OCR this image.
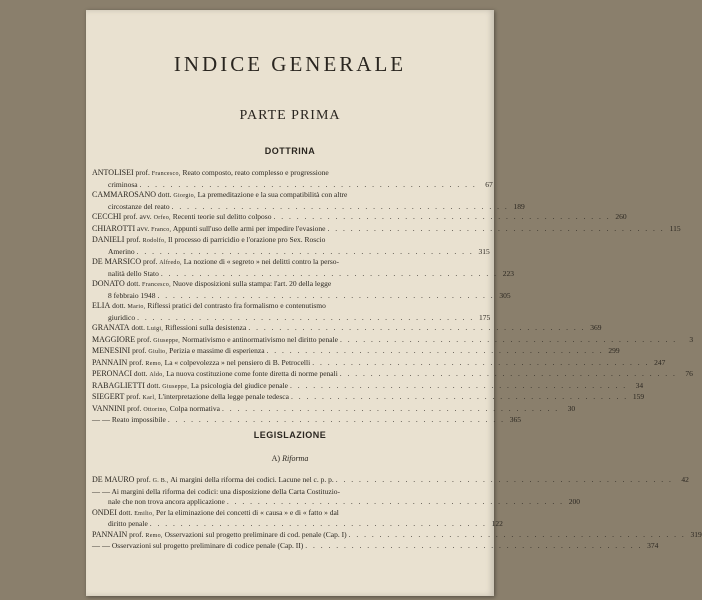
INDICE GENERALE
PARTE PRIMA
DOTTRINA
ANTOLISEI prof. Francesco, Reato composto, reato complesso e progressione
criminosa . . . . . . . . . . . . . . . . . . . . . . . . . . . . . . . . . . . . . . . . . . . .	67
CAMMAROSANO dott. Giorgio, La premeditazione e la sua compatibilità con altre
circostanze del reato . . . . . . . . . . . . . . . . . . . . . . . . . . . . . . . . . . . . . . . . . . . . 189
CECCHI prof. avv. Orfeo, Recenti teorie sul delitto colposo . . . . . . . . . . . . . . . . . . . . . . . . . . . . . . . . . . . . . . . . . . . . 260
CHIAROTTI avv. Franco, Appunti sull'uso delle armi per impedire l'evasione . . . . . . . . . . . . . . . . . . . . . . . . . . . . . . . . . . . . . . . . . . . . 115
DANIELI prof. Rodolfo, Il processo di parricidio e l'orazione pro Sex. Roscio
Amerino . . . . . . . . . . . . . . . . . . . . . . . . . . . . . . . . . . . . . . . . . . . . 315
DE MARSICO prof. Alfredo, La nozione di « segreto » nei delitti contro la perso-
nalità dello Stato . . . . . . . . . . . . . . . . . . . . . . . . . . . . . . . . . . . . . . . . . . . . 223
DONATO dott. Francesco, Nuove disposizioni sulla stampa: l'art. 20 della legge
8 febbraio 1948 . . . . . . . . . . . . . . . . . . . . . . . . . . . . . . . . . . . . . . . . . . . . 305
ELIA dott. Mario, Riflessi pratici del contrasto fra formalismo e contenutismo
giuridico . . . . . . . . . . . . . . . . . . . . . . . . . . . . . . . . . . . . . . . . . . . . 175
GRANATA dott. Luigi, Riflessioni sulla desistenza . . . . . . . . . . . . . . . . . . . . . . . . . . . . . . . . . . . . . . . . . . . . 369
MAGGIORE prof. Giuseppe, Normativismo e antinormativismo nel diritto penale . . . . . . . . . . . . . . . . . . . . . . . . . . . . . . . . . . . . . . . . . . . .	3
MENESINI prof. Giulio, Perizia e massime di esperienza . . . . . . . . . . . . . . . . . . . . . . . . . . . . . . . . . . . . . . . . . . . . 299
PANNAIN prof. Remo, La « colpevolezza » nel pensiero di B. Petrocelli . . . . . . . . . . . . . . . . . . . . . . . . . . . . . . . . . . . . . . . . . . . . 247
PERONACI dott. Aldo, La nuova costituzione come fonte diretta di norme penali . . . . . . . . . . . . . . . . . . . . . . . . . . . . . . . . . . . . . . . . . . . .	76
RABAGLIETTI dott. Giuseppe, La psicologia del giudice penale . . . . . . . . . . . . . . . . . . . . . . . . . . . . . . . . . . . . . . . . . . . .	34
SIEGERT prof. Karl, L'interpretazione della legge penale tedesca . . . . . . . . . . . . . . . . . . . . . . . . . . . . . . . . . . . . . . . . . . . . 159
VANNINI prof. Ottorino, Colpa normativa . . . . . . . . . . . . . . . . . . . . . . . . . . . . . . . . . . . . . . . . . . . .	30
— — Reato impossibile . . . . . . . . . . . . . . . . . . . . . . . . . . . . . . . . . . . . . . . . . . . . 365
LEGISLAZIONE
A) Riforma
DE MAURO prof. G. B., Ai margini della riforma dei codici. Lacune nel c. p. p. . . . . . . . . . . . . . . . . . . . . . . . . . . . . . . . . . . . . . . . . . . . .	42
— — Ai margini della riforma dei codici: una disposizione della Carta Costituzio-
nale che non trova ancora applicazione . . . . . . . . . . . . . . . . . . . . . . . . . . . . . . . . . . . . . . . . . . . . 200
ONDEI dott. Emilio, Per la eliminazione dei concetti di « causa » e di « fatto » dal
diritto penale . . . . . . . . . . . . . . . . . . . . . . . . . . . . . . . . . . . . . . . . . . . . 122
PANNAIN prof. Remo, Osservazioni sul progetto preliminare di cod. penale (Cap. I) . . . . . . . . . . . . . . . . . . . . . . . . . . . . . . . . . . . . . . . . . . . . 319
— — Osservazioni sul progetto preliminare di codice penale (Cap. II) . . . . . . . . . . . . . . . . . . . . . . . . . . . . . . . . . . . . . . . . . . . . 374
